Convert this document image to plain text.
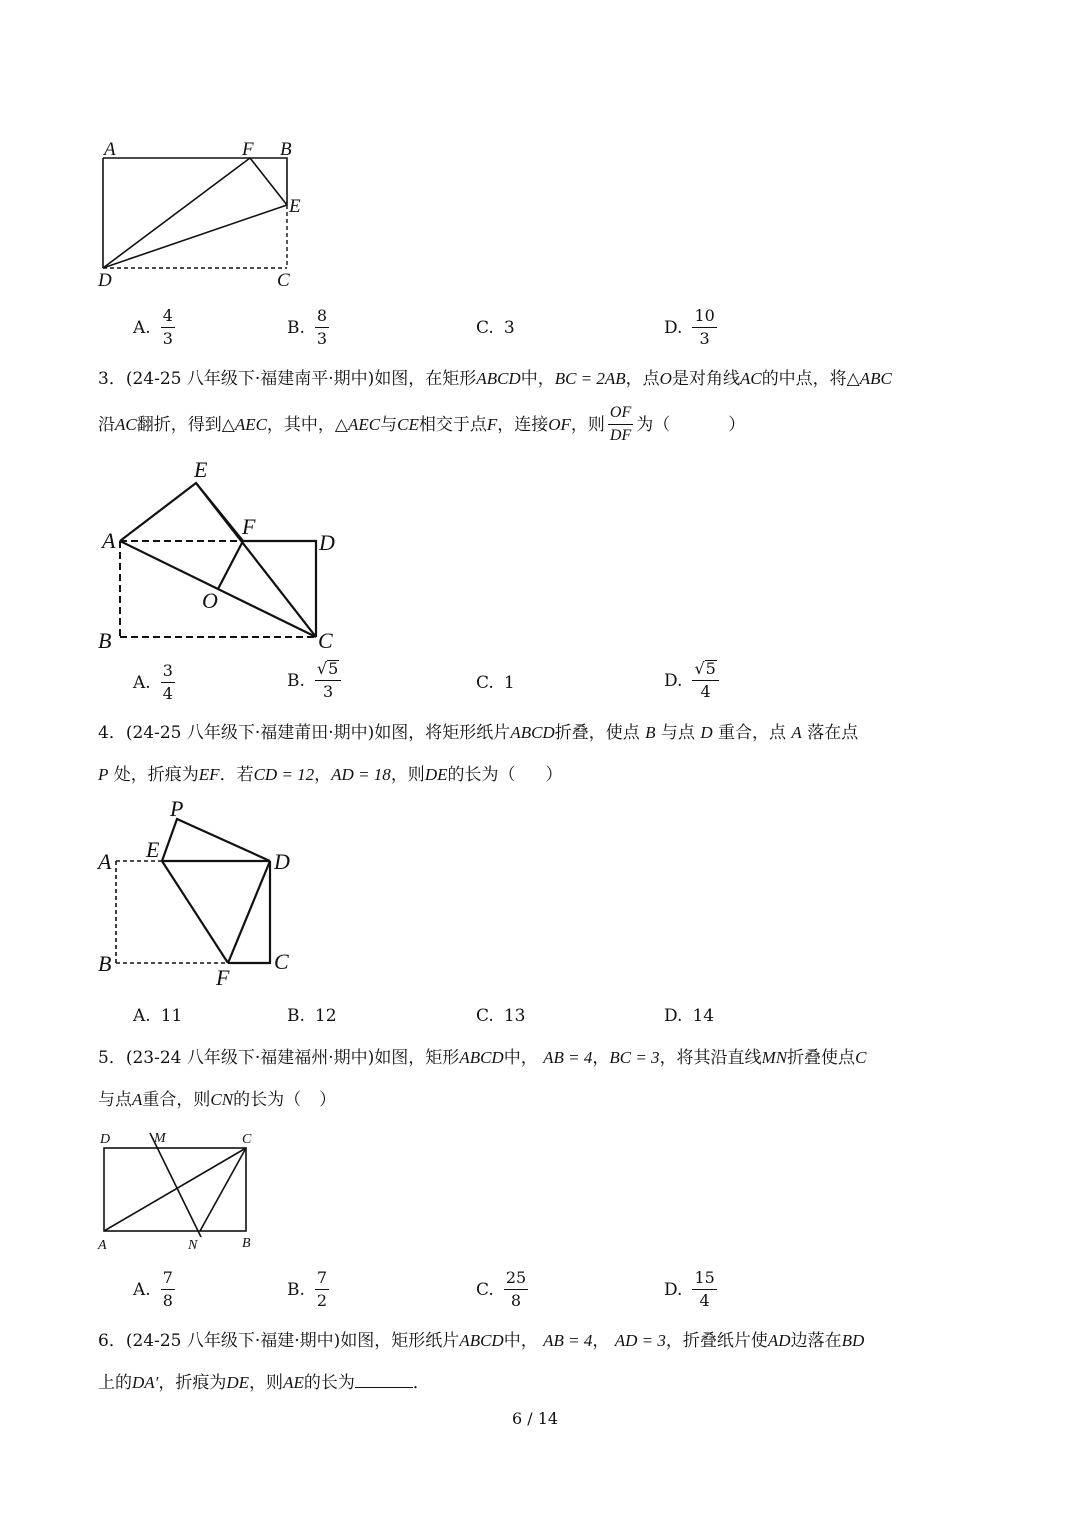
A	F B
E
D	C
A. $\frac{4}{3}$	B. $\frac{8}{3}$	C. 3	D. $\frac{10}{3}$
3．(24-25 八年级下·福建南平·期中)如图，在矩形ABCD中，BC = 2AB，点O是对角线AC的中点，将△ABC
沿 AC 翻折，得到△ AEC ，其中，△ AEC 与 CE 相交于点 F ，连接 OF ，则 $\frac{OF}{DF}$ 为（	）
E
F
A	D
O
B	C
A. $\frac{3}{4}$	B. $\frac{√ 5}{3}$	C. 1	D. $\frac{√ 5}{4}$
4．(24-25 八年级下·福建莆田·期中)如图，将矩形纸片ABCD折叠，使点 B 与点 D 重合，点 A 落在点
P 处，折痕为EF．若CD = 12，AD = 18，则DE的长为（ ）
P
E
A	D
B
F
C
A. 11	B. 12	C. 13	D. 14
5．(23-24 八年级下·福建福州·期中)如图，矩形ABCD中， AB = 4，BC = 3，将其沿直线MN折叠使点C
与点A重合，则CN的长为（ ）
D	M	C
A	N	B
A. $\frac{7}{8}$	B. $\frac{7}{2}$	C. $\frac{25}{8}$	D. $\frac{15}{4}$
6．(24-25 八年级下·福建·期中)如图，矩形纸片ABCD中， AB = 4， AD = 3，折叠纸片使AD边落在BD
上的DA′，折痕为DE，则AE的长为	．
6 / 14
